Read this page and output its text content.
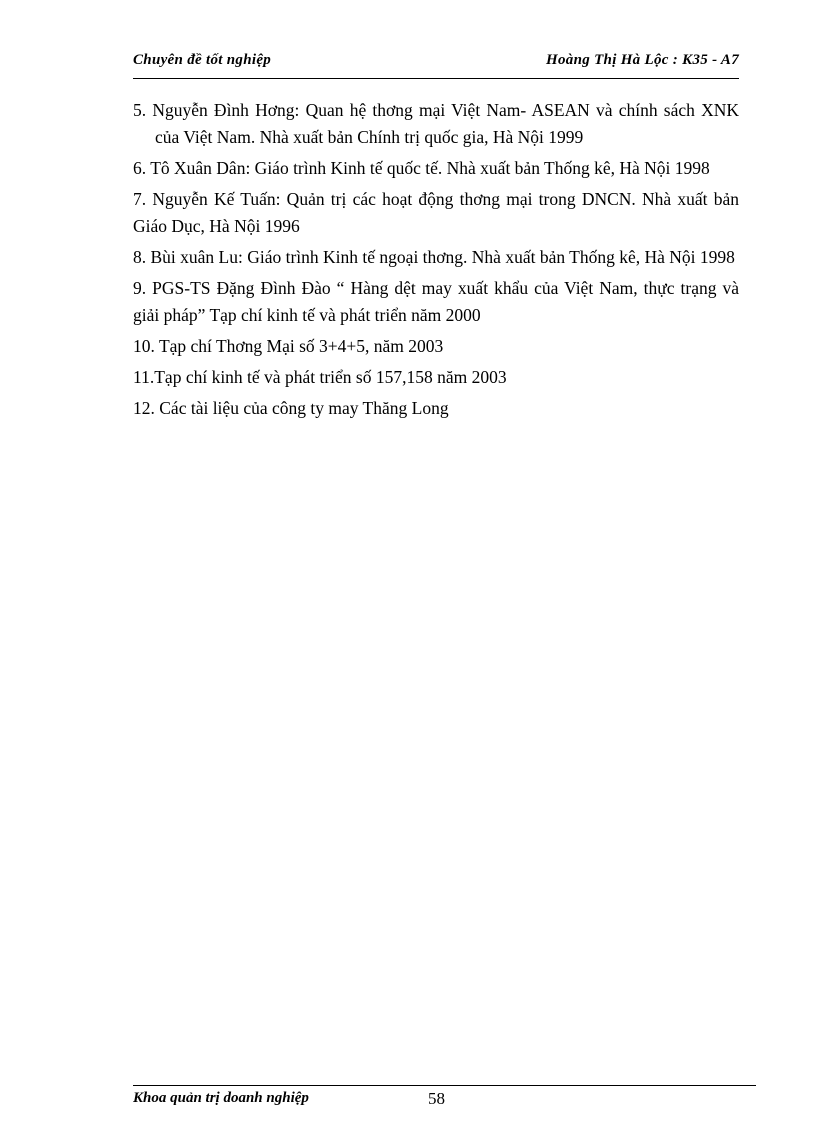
Chuyên đề tốt nghiệp	Hoàng Thị Hà Lộc : K35 - A7

5. Nguyễn Đình Hơng: Quan hệ thơng mại Việt Nam- ASEAN và chính sách XNK của Việt Nam. Nhà xuất bản Chính trị quốc gia, Hà Nội 1999

6. Tô Xuân Dân: Giáo trình Kinh tế quốc tế. Nhà xuất bản Thống kê, Hà Nội 1998

7. Nguyễn Kế Tuấn: Quản trị các hoạt động thơng mại trong DNCN. Nhà xuất bản Giáo Dục, Hà Nội 1996

8. Bùi xuân Lu: Giáo trình Kinh tế ngoại thơng. Nhà xuất bản Thống kê, Hà Nội 1998

9. PGS-TS Đặng Đình Đào “ Hàng dệt may xuất khẩu của Việt Nam, thực trạng và giải pháp” Tạp chí kinh tế và phát triển năm 2000

10. Tạp chí Thơng Mại số 3+4+5, năm 2003

11.Tạp chí kinh tế và phát triển số 157,158 năm 2003

12. Các tài liệu của công ty may Thăng Long

Khoa quản trị doanh nghiệp	58
